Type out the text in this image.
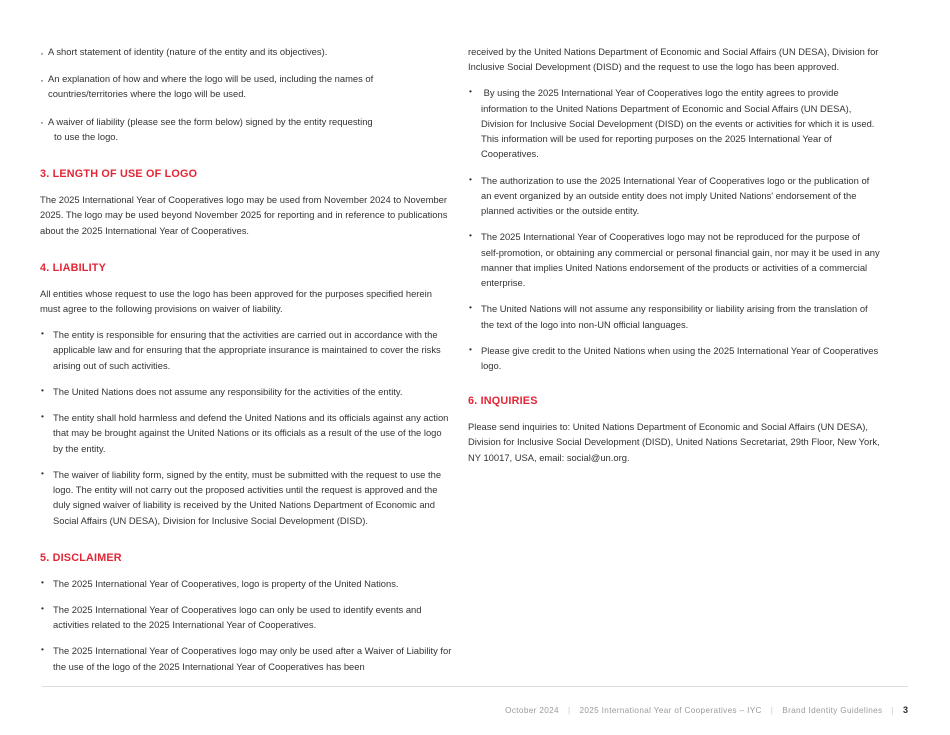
· A short statement of identity (nature of the entity and its objectives).
· An explanation of how and where the logo will be used, including the names of countries/territories where the logo will be used.
· A waiver of liability (please see the form below) signed by the entity requesting
to use the logo.
3. LENGTH OF USE OF LOGO

The 2025 International Year of Cooperatives logo may be used from November 2024 to November 2025. The logo may be used beyond November 2025 for reporting and in reference to publications about the 2025 International Year of Cooperatives.

4. LIABILITY

All entities whose request to use the logo has been approved for the purposes specified herein must agree to the following provisions on waiver of liability.

• The entity is responsible for ensuring that the activities are carried out in accordance with the applicable law and for ensuring that the appropriate insurance is maintained to cover the risks arising out of such activities.
• The United Nations does not assume any responsibility for the activities of the entity.
• The entity shall hold harmless and defend the United Nations and its officials against any action that may be brought against the United Nations or its officials as a result of the use of the logo by the entity.
• The waiver of liability form, signed by the entity, must be submitted with the request to use the logo. The entity will not carry out the proposed activities until the request is approved and the duly signed waiver of liability is received by the United Nations Department of Economic and Social Affairs (UN DESA), Division for Inclusive Social Development (DISD).
5. DISCLAIMER
• The 2025 International Year of Cooperatives, logo is property of the United Nations.
• The 2025 International Year of Cooperatives logo can only be used to identify events and activities related to the 2025 International Year of Cooperatives.
• The 2025 International Year of Cooperatives logo may only be used after a Waiver of Liability for the use of the logo of the 2025 International Year of Cooperatives has been

received by the United Nations Department of Economic and Social Affairs (UN DESA), Division for Inclusive Social Development (DISD) and the request to use the logo has been approved.

•  By using the 2025 International Year of Cooperatives logo the entity agrees to provide information to the United Nations Department of Economic and Social Affairs (UN DESA), Division for Inclusive Social Development (DISD) on the events or activities for which it is used. This information will be used for reporting purposes on the 2025 International Year of Cooperatives.
• The authorization to use the 2025 International Year of Cooperatives logo or the publication of an event organized by an outside entity does not imply United Nations' endorsement of the planned activities or the outside entity.
• The 2025 International Year of Cooperatives logo may not be reproduced for the purpose of self-promotion, or obtaining any commercial or personal financial gain, nor may it be used in any manner that implies United Nations endorsement of the products or activities of a commercial enterprise.
• The United Nations will not assume any responsibility or liability arising from the translation of the text of the logo into non-UN official languages.
• Please give credit to the United Nations when using the 2025 International Year of Cooperatives logo.
6. INQUIRIES

Please send inquiries to: United Nations Department of Economic and Social Affairs (UN DESA), Division for Inclusive Social Development (DISD), United Nations Secretariat, 29th Floor, New York, NY 10017, USA, email: social@un.org.

October 2024	|	2025 International Year of Cooperatives – IYC	|	Brand Identity Guidelines	|	3
